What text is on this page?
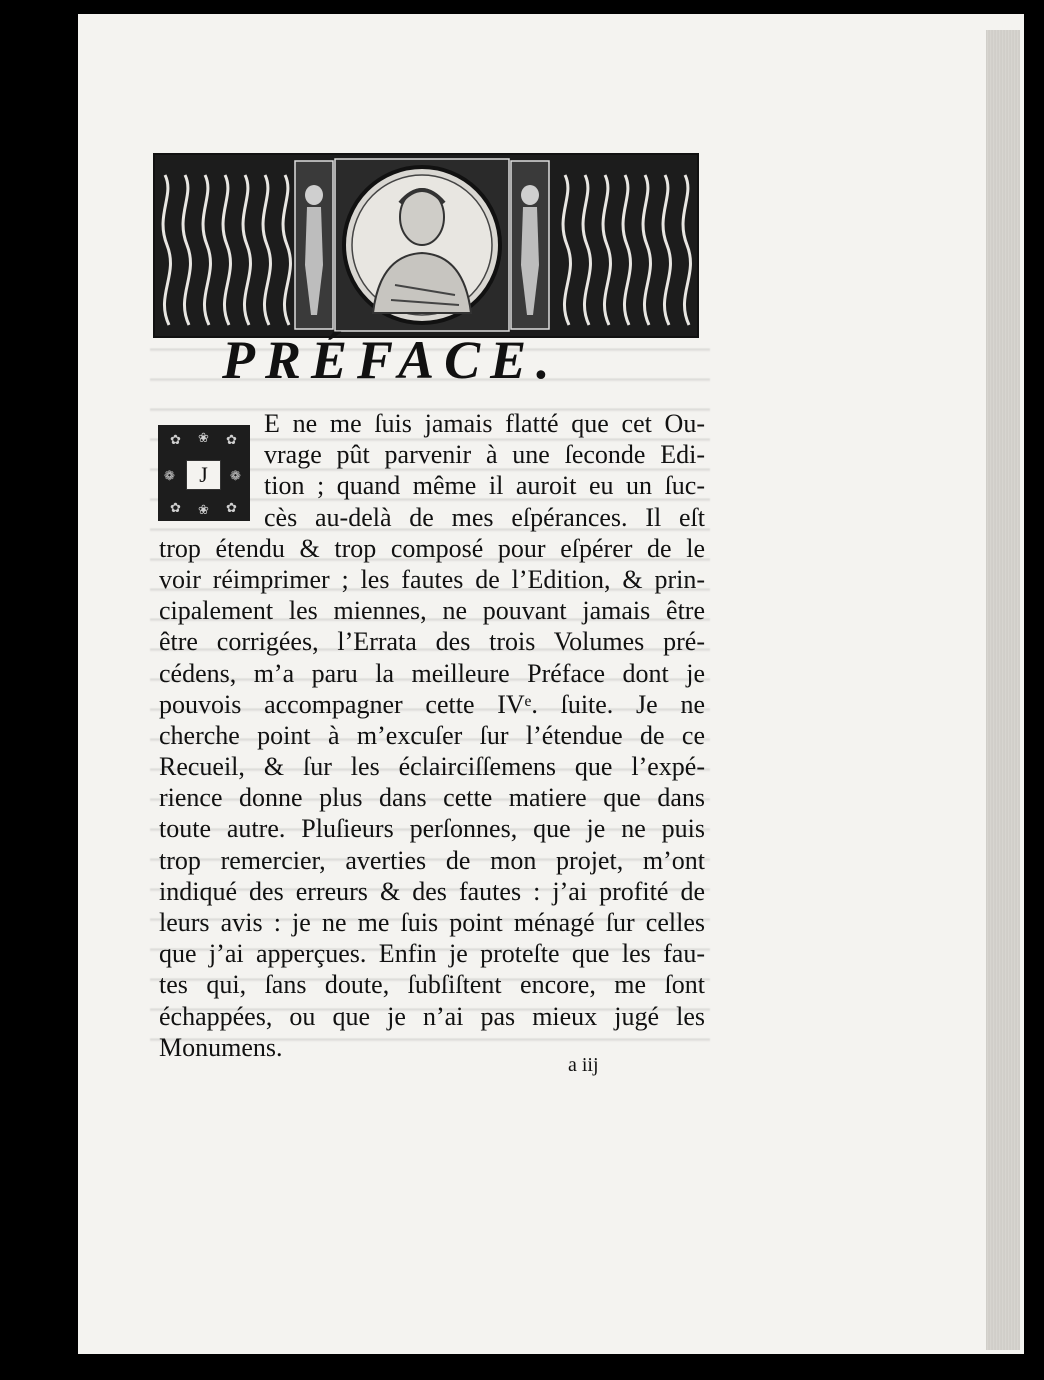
PRÉFACE.
✿ ❀ ✿
❁	❁
✿ ❀ ✿
J
E ne me ſuis jamais flatté que cet Ou-
vrage pût parvenir à une ſeconde Edi-
tion ; quand même il auroit eu un ſuc-
cès au-delà de mes eſpérances. Il eſt
trop étendu & trop composé pour eſpérer de le
voir réimprimer ; les fautes de l’Edition, & prin-
cipalement les miennes, ne pouvant jamais être
être corrigées, l’Errata des trois Volumes pré-
cédens, m’a paru la meilleure Préface dont je
pouvois accompagner cette IVᵉ. ſuite. Je ne
cherche point à m’excuſer ſur l’étendue de ce
Recueil, & ſur les éclairciſſemens que l’expé-
rience donne plus dans cette matiere que dans
toute autre. Pluſieurs perſonnes, que je ne puis
trop remercier, averties de mon projet, m’ont
indiqué des erreurs & des fautes : j’ai profité de
leurs avis : je ne me ſuis point ménagé ſur celles
que j’ai apperçues. Enfin je proteſte que les fau-
tes qui, ſans doute, ſubſiſtent encore, me ſont
échappées, ou que je n’ai pas mieux jugé les
Monumens.
a iij
